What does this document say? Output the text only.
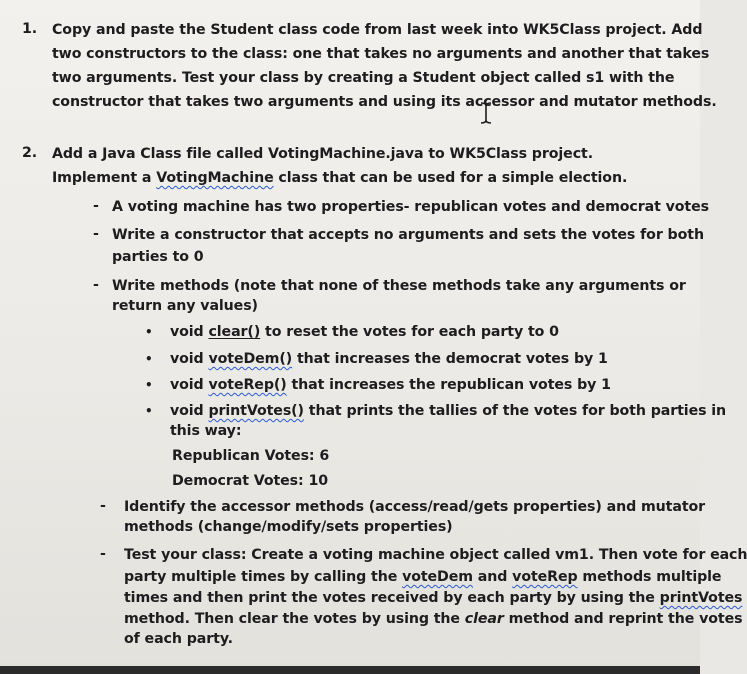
1. Copy and paste the Student class code from last week into WK5Class project. Add
two constructors to the class: one that takes no arguments and another that takes
two arguments. Test your class by creating a Student object called s1 with the
constructor that takes two arguments and using its accessor and mutator methods.
2. Add a Java Class file called VotingMachine.java to WK5Class project.
Implement a VotingMachine class that can be used for a simple election.
- A voting machine has two properties- republican votes and democrat votes
- Write a constructor that accepts no arguments and sets the votes for both
parties to 0
- Write methods (note that none of these methods take any arguments or
return any values)
• void clear() to reset the votes for each party to 0
• void voteDem() that increases the democrat votes by 1
• void voteRep() that increases the republican votes by 1
• void printVotes() that prints the tallies of the votes for both parties in
this way:
Republican Votes: 6
Democrat Votes: 10
- Identify the accessor methods (access/read/gets properties) and mutator
methods (change/modify/sets properties)
- Test your class: Create a voting machine object called vm1. Then vote for each
party multiple times by calling the voteDem and voteRep methods multiple
times and then print the votes received by each party by using the printVotes
method. Then clear the votes by using the clear method and reprint the votes
of each party.
